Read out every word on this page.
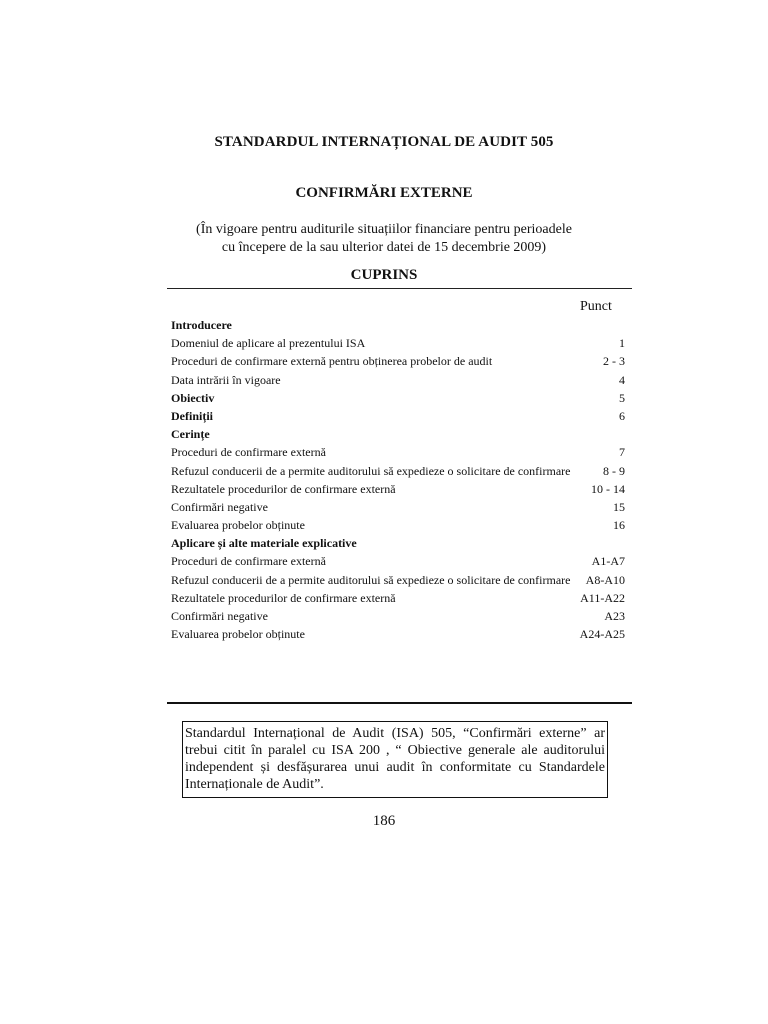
STANDARDUL INTERNAȚIONAL DE AUDIT 505
CONFIRMĂRI EXTERNE
(În vigoare pentru auditurile situațiilor financiare pentru perioadele
cu începere de la sau ulterior datei de 15 decembrie 2009)
CUPRINS
Punct
Introducere
Domeniul de aplicare al prezentului ISA	1
Proceduri de confirmare externă pentru obținerea probelor de audit	2 - 3
Data intrării în vigoare	4
Obiectiv	5
Definiții	6
Cerințe
Proceduri de confirmare externă	7
Refuzul conducerii de a permite auditorului să expedieze o solicitare de confirmare	8 - 9
Rezultatele procedurilor de confirmare externă	10 - 14
Confirmări negative	15
Evaluarea probelor obținute	16
Aplicare și alte materiale explicative
Proceduri de confirmare externă	A1-A7
Refuzul conducerii de a permite auditorului să expedieze o solicitare de confirmare	A8-A10
Rezultatele procedurilor de confirmare externă	A11-A22
Confirmări negative	A23
Evaluarea probelor obținute	A24-A25
Standardul Internațional de Audit (ISA) 505, “Confirmări externe” ar trebui citit în paralel cu ISA 200 , “ Obiective generale ale auditorului independent și desfășurarea unui audit în conformitate cu Standardele Internaționale de Audit”.
186
